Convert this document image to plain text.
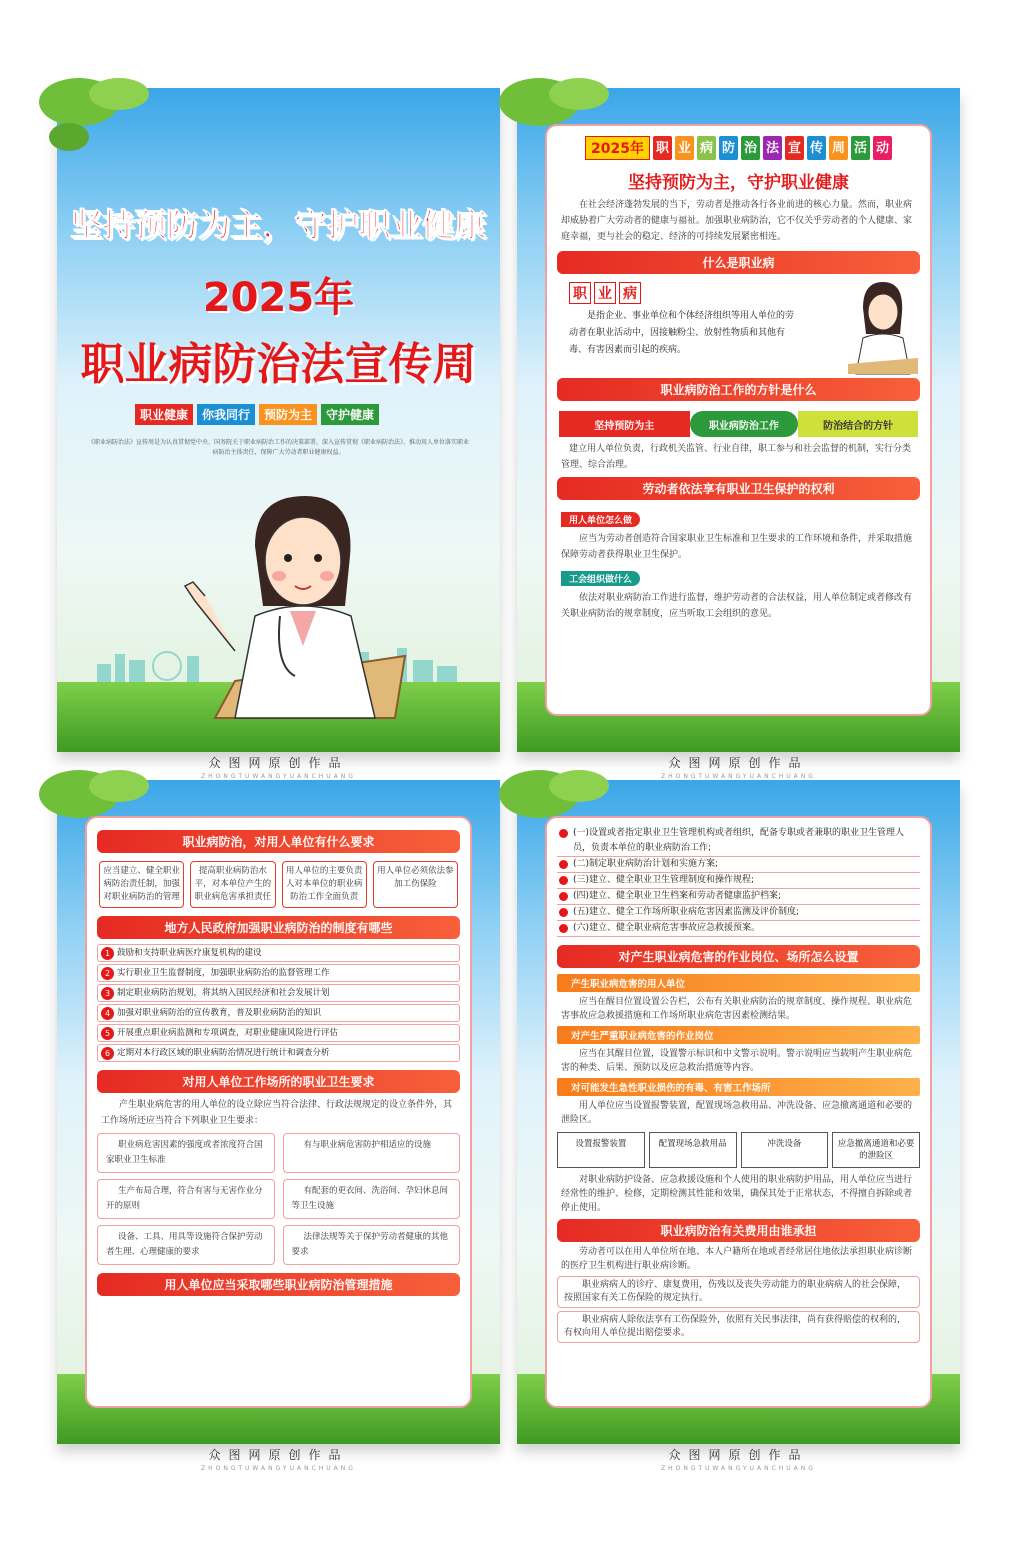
坚持预防为主，守护职业健康
2025年
职业病防治法宣传周
职业健康	你我同行	预防为主	守护健康
《职业病防治法》宣传周是为认真贯彻党中央、国务院关于职业病防治工作的决策部署，深入宣传贯彻《职业病防治法》，推动用人单位落实职业病防治主体责任，保障广大劳动者职业健康权益。
众图网原创作品
ZHONGTUWANGYUANCHUANG
2025年 职 业 病 防 治 法 宣 传 周 活 动
坚持预防为主，守护职业健康
在社会经济蓬勃发展的当下，劳动者是推动各行各业前进的核心力量。然而，职业病却威胁着广大劳动者的健康与福祉。加强职业病防治，它不仅关乎劳动者的个人健康、家庭幸福，更与社会的稳定、经济的可持续发展紧密相连。
什么是职业病
职 业 病
是指企业、事业单位和个体经济组织等用人单位的劳动者在职业活动中，因接触粉尘、放射性物质和其他有毒、有害因素而引起的疾病。
职业病防治工作的方针是什么
坚持预防为主	职业病防治工作	防治结合的方针
建立用人单位负责，行政机关监管、行业自律，职工参与和社会监督的机制，实行分类管理、综合治理。
劳动者依法享有职业卫生保护的权利
用人单位怎么做
应当为劳动者创造符合国家职业卫生标准和卫生要求的工作环境和条件，并采取措施保障劳动者获得职业卫生保护。
工会组织做什么
依法对职业病防治工作进行监督，维护劳动者的合法权益，用人单位制定或者修改有关职业病防治的规章制度，应当听取工会组织的意见。
众图网原创作品
ZHONGTUWANGYUANCHUANG
职业病防治，对用人单位有什么要求
应当建立、健全职业病防治责任制，加强对职业病防治的管理
提高职业病防治水平，对本单位产生的职业病危害承担责任
用人单位的主要负责人对本单位的职业病防治工作全面负责
用人单位必须依法参加工伤保险
地方人民政府加强职业病防治的制度有哪些
1 鼓励和支持职业病医疗康复机构的建设
2 实行职业卫生监督制度，加强职业病防治的监督管理工作
3 制定职业病防治规划，将其纳入国民经济和社会发展计划
4 加强对职业病防治的宣传教育，普及职业病防治的知识
5 开展重点职业病监测和专项调查，对职业健康风险进行评估
6 定期对本行政区域的职业病防治情况进行统计和调查分析
对用人单位工作场所的职业卫生要求
产生职业病危害的用人单位的设立除应当符合法律、行政法规规定的设立条件外，其工作场所还应当符合下列职业卫生要求：
职业病危害因素的强度或者浓度符合国家职业卫生标准
有与职业病危害防护相适应的设施
生产布局合理，符合有害与无害作业分开的原则
有配套的更衣间、洗浴间、孕妇休息间等卫生设施
设备、工具、用具等设施符合保护劳动者生理、心理健康的要求
法律法规等关于保护劳动者健康的其他要求
用人单位应当采取哪些职业病防治管理措施
众图网原创作品
ZHONGTUWANGYUANCHUANG
(一)设置或者指定职业卫生管理机构或者组织，配备专职或者兼职的职业卫生管理人员，负责本单位的职业病防治工作;
(二)制定职业病防治计划和实施方案;
(三)建立、健全职业卫生管理制度和操作规程;
(四)建立、健全职业卫生档案和劳动者健康监护档案;
(五)建立、健全工作场所职业病危害因素监测及评价制度;
(六)建立、健全职业病危害事故应急救援预案。
对产生职业病危害的作业岗位、场所怎么设置
产生职业病危害的用人单位
应当在醒目位置设置公告栏，公布有关职业病防治的规章制度、操作规程、职业病危害事故应急救援措施和工作场所职业病危害因素检测结果。
对产生严重职业病危害的作业岗位
应当在其醒目位置，设置警示标识和中文警示说明。警示说明应当载明产生职业病危害的种类、后果、预防以及应急救治措施等内容。
对可能发生急性职业损伤的有毒、有害工作场所
用人单位应当设置报警装置，配置现场急救用品、冲洗设备、应急撤离通道和必要的泄险区。
设置报警装置	配置现场急救用品	冲洗设备	应急撤离通道和必要的泄险区
对职业病防护设备、应急救援设施和个人使用的职业病防护用品，用人单位应当进行经常性的维护、检修，定期检测其性能和效果，确保其处于正常状态，不得擅自拆除或者停止使用。
职业病防治有关费用由谁承担
劳动者可以在用人单位所在地、本人户籍所在地或者经常居住地依法承担职业病诊断的医疗卫生机构进行职业病诊断。
职业病病人的诊疗、康复费用，伤残以及丧失劳动能力的职业病病人的社会保障，按照国家有关工伤保险的规定执行。
职业病病人除依法享有工伤保险外，依照有关民事法律，尚有获得赔偿的权利的，有权向用人单位提出赔偿要求。
众图网原创作品
ZHONGTUWANGYUANCHUANG
